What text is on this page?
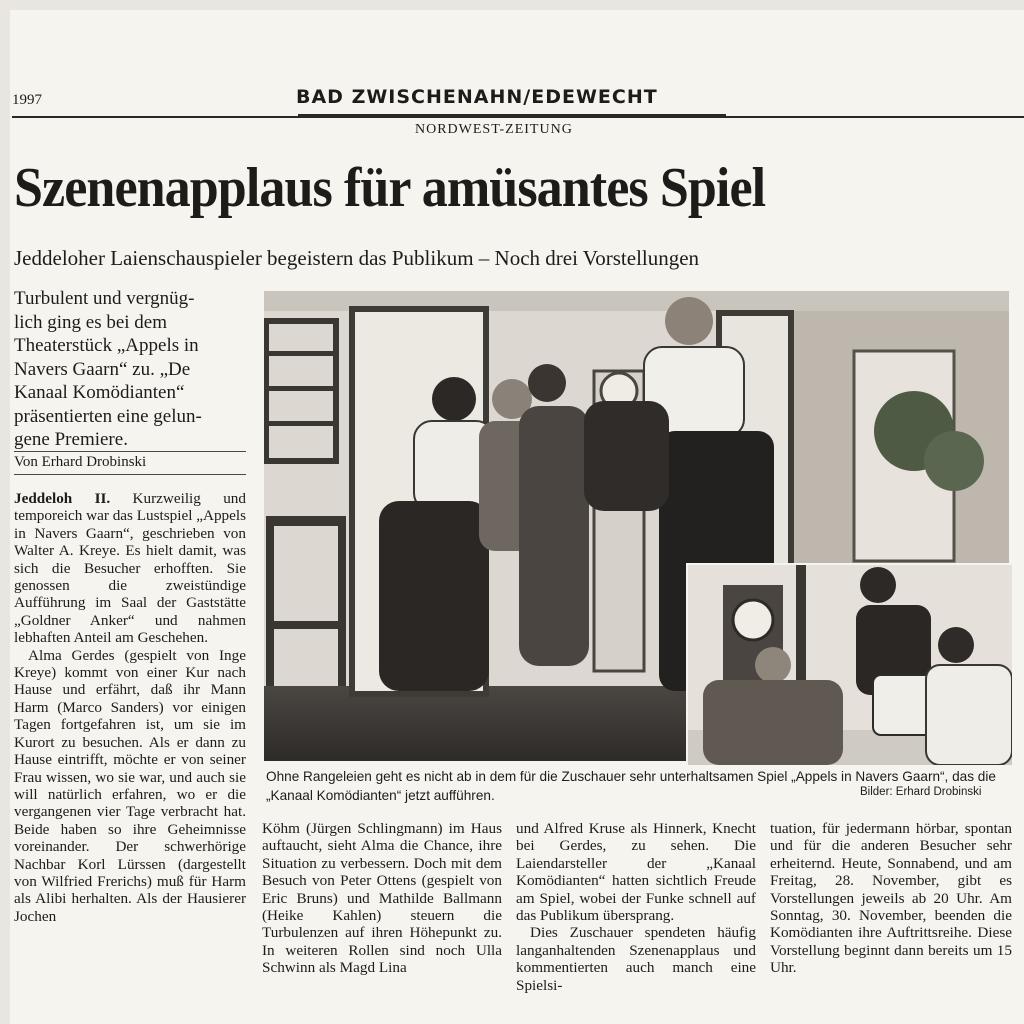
1997	BAD ZWISCHENAHN/EDEWECHT
NORDWEST-ZEITUNG
Szenenapplaus für amüsantes Spiel
Jeddeloher Laienschauspieler begeistern das Publikum – Noch drei Vorstellungen
Turbulent und vergnüg-
lich ging es bei dem
Theaterstück „Appels in
Navers Gaarn“ zu. „De
Kanaal Komödianten“
präsentierten eine gelun-
gene Premiere.
Von Erhard Drobinski

Jeddeloh II. Kurzweilig und temporeich war das Lustspiel „Appels in Navers Gaarn“, geschrieben von Walter A. Kreye. Es hielt damit, was sich die Besucher erhofften. Sie genossen die zweistündige Aufführung im Saal der Gaststätte „Goldner Anker“ und nahmen lebhaften Anteil am Geschehen.

Alma Gerdes (gespielt von Inge Kreye) kommt von einer Kur nach Hause und erfährt, daß ihr Mann Harm (Marco Sanders) vor einigen Tagen fortgefahren ist, um sie im Kurort zu besuchen. Als er dann zu Hause eintrifft, möchte er von seiner Frau wissen, wo sie war, und auch sie will natürlich erfahren, wo er die vergangenen vier Tage verbracht hat. Beide haben so ihre Geheimnisse voreinander. Der schwerhörige Nachbar Korl Lürssen (dargestellt von Wilfried Frerichs) muß für Harm als Alibi herhalten. Als der Hausierer Jochen

Köhm (Jürgen Schlingmann) im Haus auftaucht, sieht Alma die Chance, ihre Situation zu verbessern. Doch mit dem Besuch von Peter Ottens (gespielt von Eric Bruns) und Mathilde Ballmann (Heike Kahlen) steuern die Turbulenzen auf ihren Höhepunkt zu. In weiteren Rollen sind noch Ulla Schwinn als Magd Lina

und Alfred Kruse als Hinnerk, Knecht bei Gerdes, zu sehen. Die Laiendarsteller der „Kanaal Komödianten“ hatten sichtlich Freude am Spiel, wobei der Funke schnell auf das Publikum übersprang.

Dies Zuschauer spendeten häufig langanhaltenden Szenenapplaus und kommentierten auch manch eine Spielsi-

tuation, für jedermann hörbar, spontan und für die anderen Besucher sehr erheiternd. Heute, Sonnabend, und am Freitag, 28. November, gibt es Vorstellungen jeweils ab 20 Uhr. Am Sonntag, 30. November, beenden die Komödianten ihre Auftrittsreihe. Diese Vorstellung beginnt dann bereits um 15 Uhr.

Ohne Rangeleien geht es nicht ab in dem für die Zuschauer sehr unterhaltsamen Spiel „Appels in Navers Gaarn“, das die „Kanaal Komödianten“ jetzt aufführen.	Bilder: Erhard Drobinski
